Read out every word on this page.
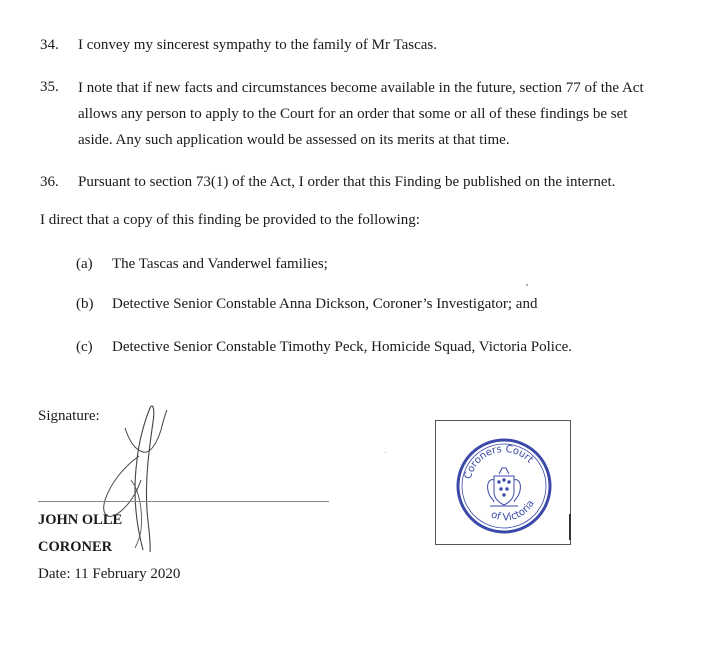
34.	I convey my sincerest sympathy to the family of Mr Tascas.
35.	I note that if new facts and circumstances become available in the future, section 77 of the Act allows any person to apply to the Court for an order that some or all of these findings be set aside. Any such application would be assessed on its merits at that time.
36.	Pursuant to section 73(1) of the Act, I order that this Finding be published on the internet.
I direct that a copy of this finding be provided to the following:
(a) The Tascas and Vanderwel families;
(b) Detective Senior Constable Anna Dickson, Coroner’s Investigator; and
(c) Detective Senior Constable Timothy Peck, Homicide Squad, Victoria Police.
Signature:
JOHN OLLE
CORONER
Date: 11 February 2020
Coroners Court
of Victoria
